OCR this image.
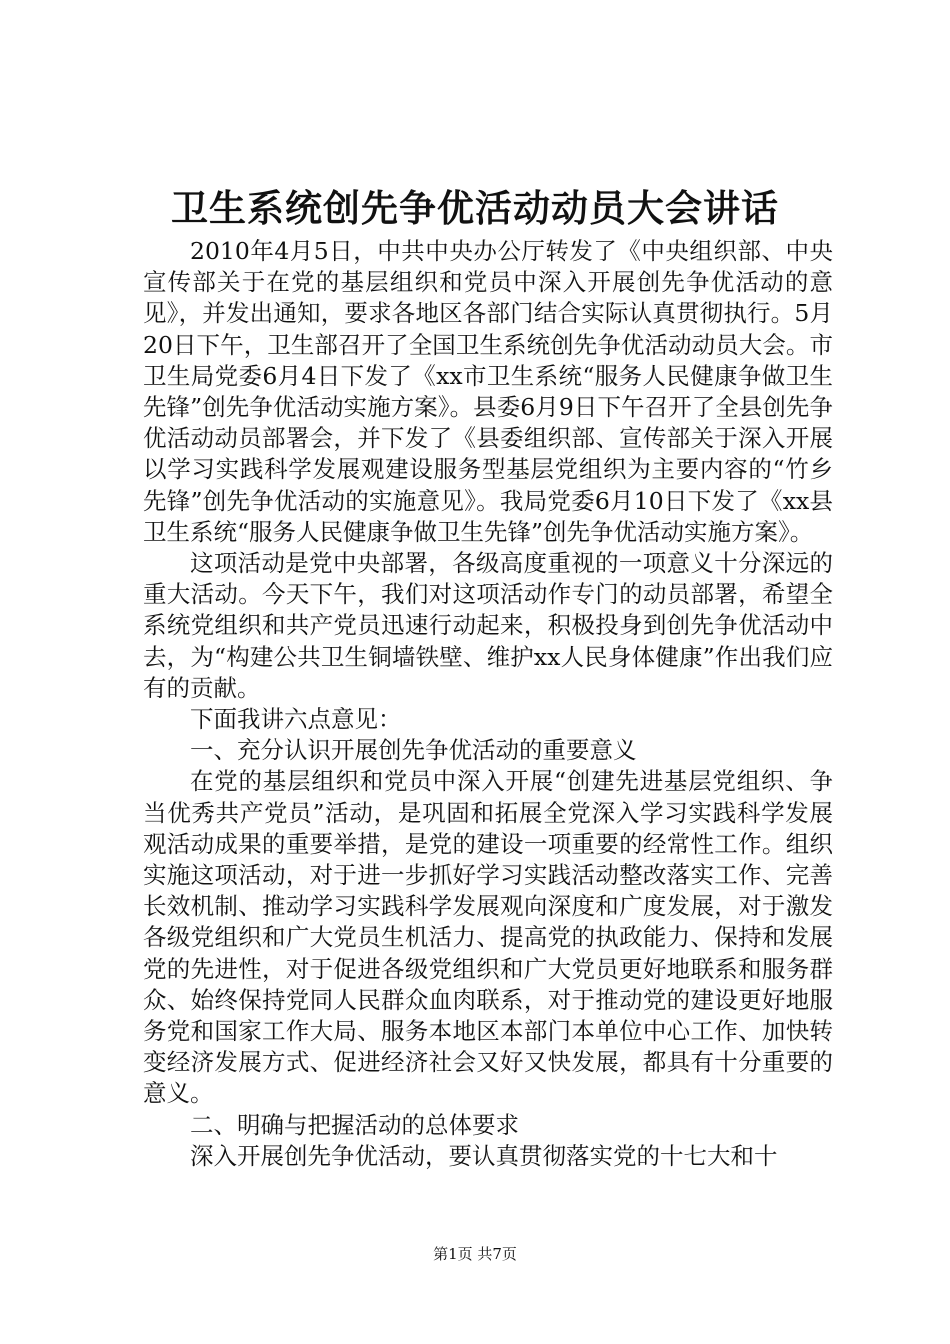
卫生系统创先争优活动动员大会讲话

2010年4月5日，中共中央办公厅转发了《中央组织部、中央宣传部关于在党的基层组织和党员中深入开展创先争优活动的意见》，并发出通知，要求各地区各部门结合实际认真贯彻执行。5月20日下午，卫生部召开了全国卫生系统创先争优活动动员大会。市卫生局党委6月4日下发了《xx市卫生系统“服务人民健康争做卫生先锋”创先争优活动实施方案》。县委6月9日下午召开了全县创先争优活动动员部署会，并下发了《县委组织部、宣传部关于深入开展以学习实践科学发展观建设服务型基层党组织为主要内容的“竹乡先锋”创先争优活动的实施意见》。我局党委6月10日下发了《xx县卫生系统“服务人民健康争做卫生先锋”创先争优活动实施方案》。

这项活动是党中央部署，各级高度重视的一项意义十分深远的重大活动。今天下午，我们对这项活动作专门的动员部署，希望全系统党组织和共产党员迅速行动起来，积极投身到创先争优活动中去，为“构建公共卫生铜墙铁壁、维护xx人民身体健康”作出我们应有的贡献。

下面我讲六点意见：

一、充分认识开展创先争优活动的重要意义

在党的基层组织和党员中深入开展“创建先进基层党组织、争当优秀共产党员”活动，是巩固和拓展全党深入学习实践科学发展观活动成果的重要举措，是党的建设一项重要的经常性工作。组织实施这项活动，对于进一步抓好学习实践活动整改落实工作、完善长效机制、推动学习实践科学发展观向深度和广度发展，对于激发各级党组织和广大党员生机活力、提高党的执政能力、保持和发展党的先进性，对于促进各级党组织和广大党员更好地联系和服务群众、始终保持党同人民群众血肉联系，对于推动党的建设更好地服务党和国家工作大局、服务本地区本部门本单位中心工作、加快转变经济发展方式、促进经济社会又好又快发展，都具有十分重要的意义。

二、明确与把握活动的总体要求

深入开展创先争优活动，要认真贯彻落实党的十七大和十

第1页 共7页
